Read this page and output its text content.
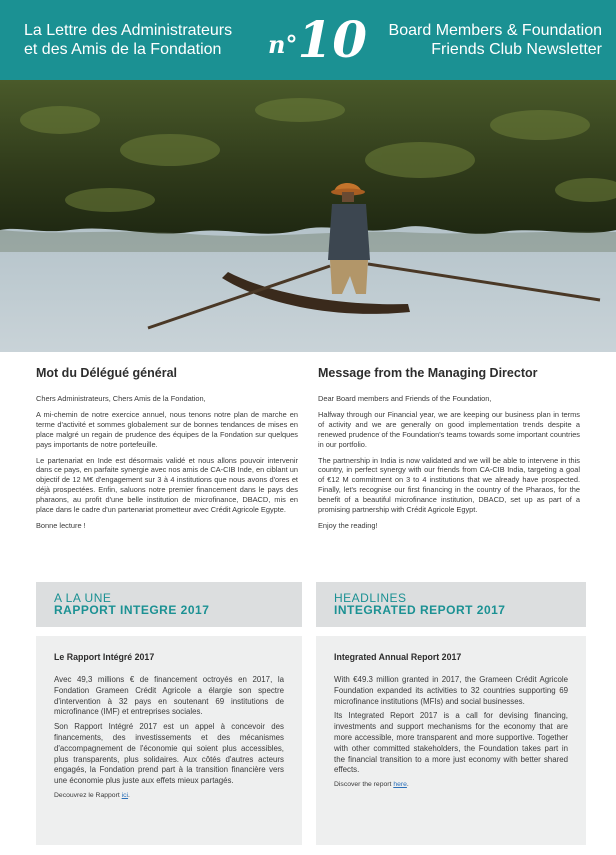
La Lettre des Administrateurs
et des Amis de la Fondation	n°10 Board Members & Foundation
Friends Club Newsletter
Mot du Délégué général

Chers Administrateurs, Chers Amis de la Fondation,

A mi-chemin de notre exercice annuel, nous tenons notre plan de marche en terme d'activité et sommes globalement sur de bonnes tendances de mises en place malgré un regain de prudence des équipes de la Fondation sur quelques pays importants de notre portefeuille.

Le partenariat en Inde est désormais validé et nous allons pouvoir intervenir dans ce pays, en parfaite synergie avec nos amis de CA-CIB Inde, en ciblant un objectif de 12 M€ d'engagement sur 3 à 4 institutions que nous avons d'ores et déjà prospectées. Enfin, saluons notre premier financement dans le pays des pharaons, au profit d'une belle institution de microfinance, DBACD, mis en place dans le cadre d'un partenariat prometteur avec Crédit Agricole Egypte.

Bonne lecture !

Message from the Managing Director

Dear Board members and Friends of the Foundation,

Halfway through our Financial year, we are keeping our business plan in terms of activity and we are generally on good implementation trends despite a renewed prudence of the Foundation's teams towards some important countries in our portfolio.

The partnership in India is now validated and we will be able to intervene in this country, in perfect synergy with our friends from CA-CIB India, targeting a goal of €12 M commitment on 3 to 4 institutions that we already have prospected. Finally, let's recognise our first financing in the country of the Pharaos, for the benefit of a beautiful microfinance institution, DBACD, set up as part of a promising partnership with Crédit Agricole Egypt.

Enjoy the reading!

A LA UNE
RAPPORT INTEGRE 2017
HEADLINES
INTEGRATED REPORT 2017
Le Rapport Intégré 2017

Avec 49,3 millions € de financement octroyés en 2017, la Fondation Grameen Crédit Agricole a élargie son spectre d'intervention à 32 pays en soutenant 69 institutions de microfinance (IMF) et entreprises sociales.

Son Rapport Intégré 2017 est un appel à concevoir des financements, des investissements et des mécanismes d'accompagnement de l'économie qui soient plus accessibles, plus transparents, plus solidaires. Aux côtés d'autres acteurs engagés, la Fondation prend part à la transition financière vers une économie plus juste aux effets mieux partagés.

Decouvrez le Rapport ici.
Integrated Annual Report 2017

With €49.3 million granted in 2017, the Grameen Crédit Agricole Foundation expanded its activities to 32 countries supporting 69 microfinance institutions (MFIs) and social businesses.

Its Integrated Report 2017 is a call for devising financing, investments and support mechanisms for the economy that are more accessible, more transparent and more supportive. Together with other committed stakeholders, the Foundation takes part in the financial transition to a more just economy with better shared effects.

Discover the report here.
